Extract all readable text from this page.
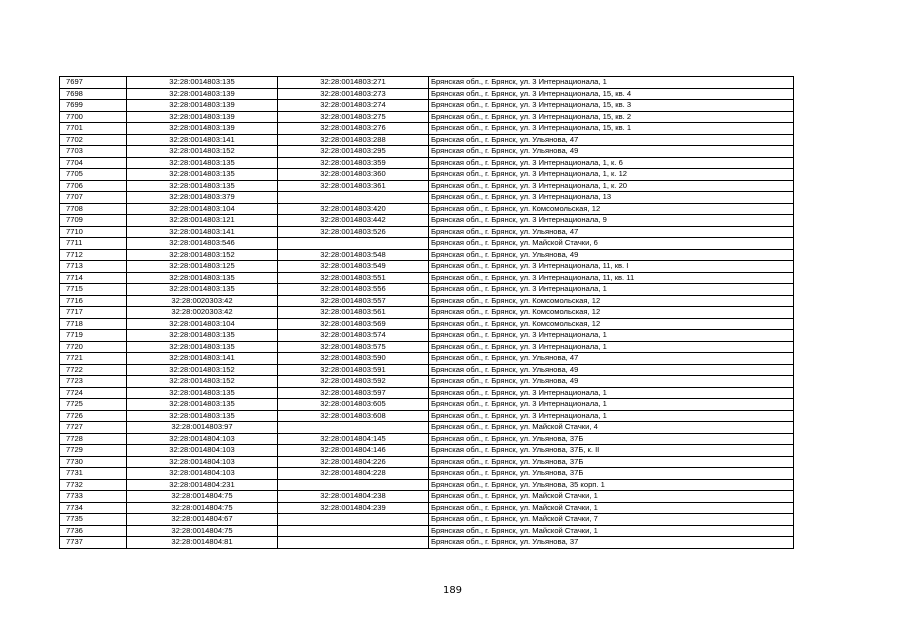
7697	32:28:0014803:135	32:28:0014803:271	Брянская обл., г. Брянск, ул. 3 Интернационала, 1
7698	32:28:0014803:139	32:28:0014803:273	Брянская обл., г. Брянск, ул. 3 Интернационала, 15, кв. 4
7699	32:28:0014803:139	32:28:0014803:274	Брянская обл., г. Брянск, ул. 3 Интернационала, 15, кв. 3
7700	32:28:0014803:139	32:28:0014803:275	Брянская обл., г. Брянск, ул. 3 Интернационала, 15, кв. 2
7701	32:28:0014803:139	32:28:0014803:276	Брянская обл., г. Брянск, ул. 3 Интернационала, 15, кв. 1
7702	32:28:0014803:141	32:28:0014803:288	Брянская обл., г. Брянск, ул. Ульянова, 47
7703	32:28:0014803:152	32:28:0014803:295	Брянская обл., г. Брянск, ул. Ульянова, 49
7704	32:28:0014803:135	32:28:0014803:359	Брянская обл., г. Брянск, ул. 3 Интернационала, 1, к. 6
7705	32:28:0014803:135	32:28:0014803:360	Брянская обл., г. Брянск, ул. 3 Интернационала, 1, к. 12
7706	32:28:0014803:135	32:28:0014803:361	Брянская обл., г. Брянск, ул. 3 Интернационала, 1, к. 20
7707	32:28:0014803:379		Брянская обл., г. Брянск, ул. 3 Интернационала, 13
7708	32:28:0014803:104	32:28:0014803:420	Брянская обл., г. Брянск, ул. Комсомольская, 12
7709	32:28:0014803:121	32:28:0014803:442	Брянская обл., г. Брянск, ул. 3 Интернационала, 9
7710	32:28:0014803:141	32:28:0014803:526	Брянская обл., г. Брянск, ул. Ульянова, 47
7711	32:28:0014803:546		Брянская обл., г. Брянск, ул. Майской Стачки, 6
7712	32:28:0014803:152	32:28:0014803:548	Брянская обл., г. Брянск, ул. Ульянова, 49
7713	32:28:0014803:125	32:28:0014803:549	Брянская обл., г. Брянск, ул. 3 Интернационала, 11, кв. I
7714	32:28:0014803:135	32:28:0014803:551	Брянская обл., г. Брянск, ул. 3 Интернационала, 11, кв. 11
7715	32:28:0014803:135	32:28:0014803:556	Брянская обл., г. Брянск, ул. 3 Интернационала, 1
7716	32:28:0020303:42	32:28:0014803:557	Брянская обл., г. Брянск, ул. Комсомольская, 12
7717	32:28:0020303:42	32:28:0014803:561	Брянская обл., г. Брянск, ул. Комсомольская, 12
7718	32:28:0014803:104	32:28:0014803:569	Брянская обл., г. Брянск, ул. Комсомольская, 12
7719	32:28:0014803:135	32:28:0014803:574	Брянская обл., г. Брянск, ул. 3 Интернационала, 1
7720	32:28:0014803:135	32:28:0014803:575	Брянская обл., г. Брянск, ул. 3 Интернационала, 1
7721	32:28:0014803:141	32:28:0014803:590	Брянская обл., г. Брянск, ул. Ульянова, 47
7722	32:28:0014803:152	32:28:0014803:591	Брянская обл., г. Брянск, ул. Ульянова, 49
7723	32:28:0014803:152	32:28:0014803:592	Брянская обл., г. Брянск, ул. Ульянова, 49
7724	32:28:0014803:135	32:28:0014803:597	Брянская обл., г. Брянск, ул. 3 Интернационала, 1
7725	32:28:0014803:135	32:28:0014803:605	Брянская обл., г. Брянск, ул. 3 Интернационала, 1
7726	32:28:0014803:135	32:28:0014803:608	Брянская обл., г. Брянск, ул. 3 Интернационала, 1
7727	32:28:0014803:97		Брянская обл., г. Брянск, ул. Майской Стачки, 4
7728	32:28:0014804:103	32:28:0014804:145	Брянская обл., г. Брянск, ул. Ульянова, 37Б
7729	32:28:0014804:103	32:28:0014804:146	Брянская обл., г. Брянск, ул. Ульянова, 37Б, к. II
7730	32:28:0014804:103	32:28:0014804:226	Брянская обл., г. Брянск, ул. Ульянова, 37Б
7731	32:28:0014804:103	32:28:0014804:228	Брянская обл., г. Брянск, ул. Ульянова, 37Б
7732	32:28:0014804:231		Брянская обл., г. Брянск, ул. Ульянова, 35 корп. 1
7733	32:28:0014804:75	32:28:0014804:238	Брянская обл., г. Брянск, ул. Майской Стачки, 1
7734	32:28:0014804:75	32:28:0014804:239	Брянская обл., г. Брянск, ул. Майской Стачки, 1
7735	32:28:0014804:67		Брянская обл., г. Брянск, ул. Майской Стачки, 7
7736	32:28:0014804:75		Брянская обл., г. Брянск, ул. Майской Стачки, 1
7737	32:28:0014804:81		Брянская обл., г. Брянск, ул. Ульянова, 37
189
